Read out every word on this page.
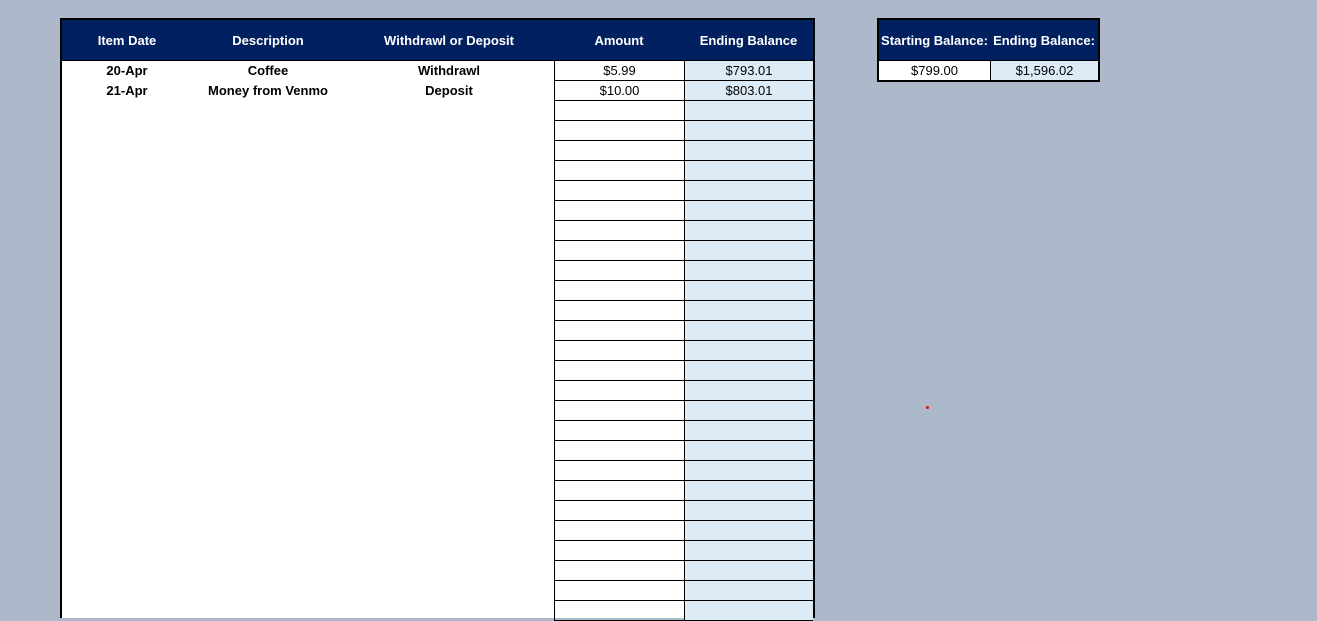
Item Date	Description	Withdrawl or Deposit	Amount	Ending Balance
20-Apr	Coffee	Withdrawl	$5.99	$793.01
21-Apr	Money from Venmo	Deposit	$10.00	$803.01
Starting Balance: Ending Balance:
$799.00	$1,596.02
